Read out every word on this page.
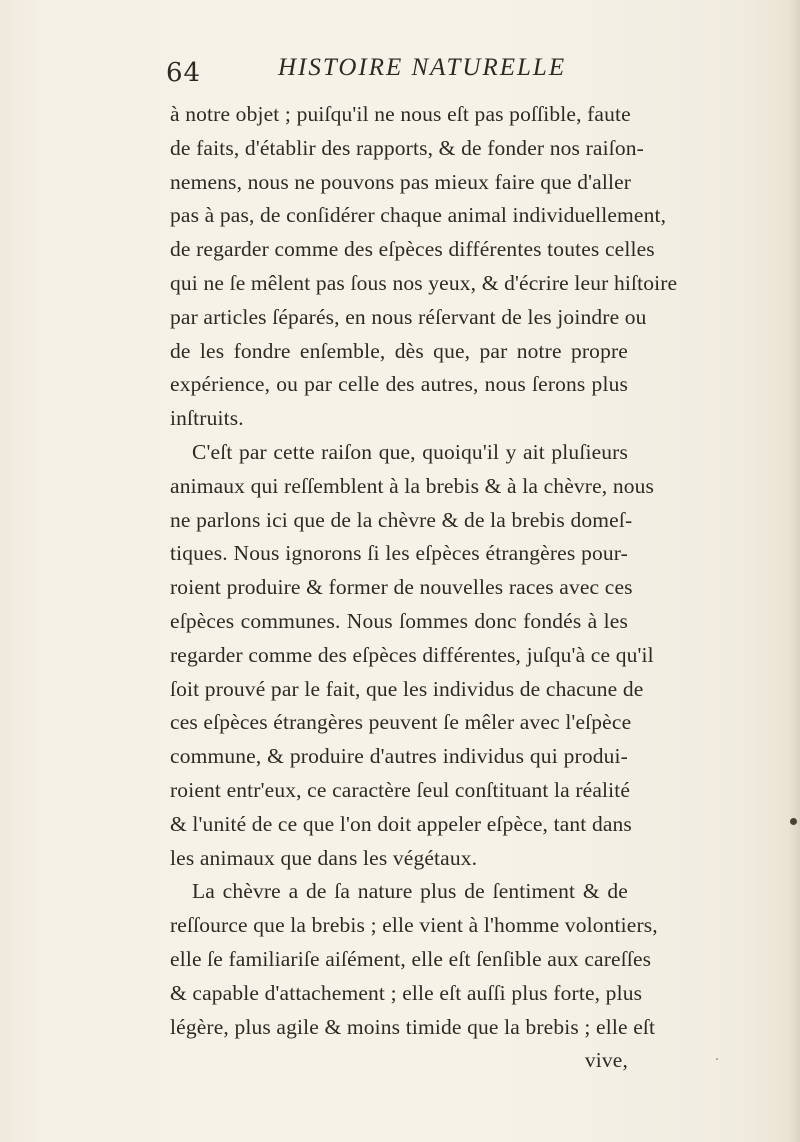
64	HISTOIRE NATURELLE
à notre objet ; puiſqu'il ne nous eſt pas poſſible, faute
de faits, d'établir des rapports, & de fonder nos raiſon-
nemens, nous ne pouvons pas mieux faire que d'aller
pas à pas, de conſidérer chaque animal individuellement,
de regarder comme des eſpèces différentes toutes celles
qui ne ſe mêlent pas ſous nos yeux, & d'écrire leur hiſtoire
par articles ſéparés, en nous réſervant de les joindre ou
de les fondre enſemble, dès que, par notre propre
expérience, ou par celle des autres, nous ſerons plus
inſtruits.
C'eſt par cette raiſon que, quoiqu'il y ait pluſieurs
animaux qui reſſemblent à la brebis & à la chèvre, nous
ne parlons ici que de la chèvre & de la brebis domeſ-
tiques. Nous ignorons ſi les eſpèces étrangères pour-
roient produire & former de nouvelles races avec ces
eſpèces communes. Nous ſommes donc fondés à les
regarder comme des eſpèces différentes, juſqu'à ce qu'il
ſoit prouvé par le fait, que les individus de chacune de
ces eſpèces étrangères peuvent ſe mêler avec l'eſpèce
commune, & produire d'autres individus qui produi-
roient entr'eux, ce caractère ſeul conſtituant la réalité
& l'unité de ce que l'on doit appeler eſpèce, tant dans
les animaux que dans les végétaux.
La chèvre a de ſa nature plus de ſentiment & de
reſſource que la brebis ; elle vient à l'homme volontiers,
elle ſe familiariſe aiſément, elle eſt ſenſible aux careſſes
& capable d'attachement ; elle eſt auſſi plus forte, plus
légère, plus agile & moins timide que la brebis ; elle eſt
vive,
